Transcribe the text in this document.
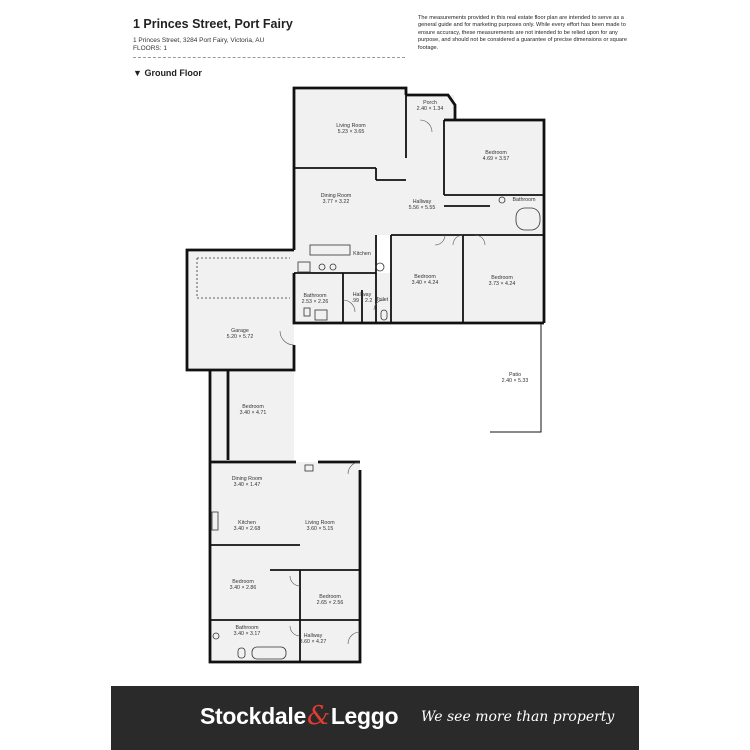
1 Princes Street, Port Fairy
1 Princes Street, 3284 Port Fairy, Victoria, AU
FLOORS: 1
The measurements provided in this real estate floor plan are intended to serve as a general guide and for marketing purposes only. While every effort has been made to ensure accuracy, these measurements are not intended to be relied upon for any purpose, and should not be considered a guarantee of precise dimensions or square footage.
▼ Ground Floor
Porch
2.40 × 1.34
Living Room
5.23 × 3.65
Bedroom
4.69 × 3.57
Dining Room
3.77 × 3.22	Hallway
5.56 × 5.55
Bathroom
Kitchen
Bedroom
3.40 × 4.24
Bedroom
3.73 × 4.24
Bathroom
2.53 × 2.26
Hallway
.99 × 2.2 Toilet
Garage
5.20 × 5.72
Patio
2.40 × 5.33
Bedroom
3.40 × 4.71
Dining Room
3.40 × 1.47
Kitchen
3.40 × 2.68
Living Room
3.60 × 5.15
Bedroom
3.40 × 2.86
Bedroom
2.65 × 2.56
Bathroom
3.40 × 3.17	Hallway
3.60 × 4.27
Stockdale&Leggo We see more than property
